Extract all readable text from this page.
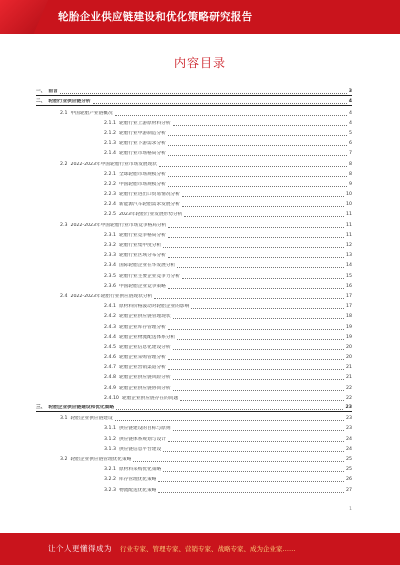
轮胎企业供应链建设和优化策略研究报告
内容目录
一、 前言	3
二、 轮胎行业供应链分析	4
2.1 中国轮胎产业链概况	4
2.1.1 轮胎行业上游原材料分析	4
2.1.2 轮胎行业中游制造分析	5
2.1.3 轮胎行业下游需求分析	6
2.1.4 轮胎行业市场格局分析	7
2.2 2022-2023年中国轮胎行业市场发展现状	8
2.2.1 全球轮胎市场规模分析	8
2.2.2 中国轮胎市场规模分析	9
2.2.3 轮胎行业进出口贸易情况分析	10
2.2.4 新能源汽车轮胎需求发展分析	10
2.2.5 2023年轮胎行业发展形势分析	11
2.3 2022-2023年中国轮胎行业市场竞争格局分析	11
2.3.1 轮胎行业竞争格局分析	11
2.3.2 轮胎行业集中度分析	12
2.3.3 轮胎行业区域分布分析	13
2.3.4 国际轮胎企业在华发展分析	14
2.3.5 轮胎行业主要企业竞争力分析	15
2.3.6 中国轮胎企业竞争策略	16
2.4 2022-2023年轮胎行业供应链现状分析	17
2.4.1 原材料价格波动对轮胎企业的影响	17
2.4.2 轮胎企业供应链管理现状	18
2.4.3 轮胎企业库存管理分析	19
2.4.4 轮胎企业物流配送体系分析	19
2.4.5 轮胎企业信息化建设分析	20
2.4.6 轮胎企业采购管理分析	20
2.4.7 轮胎企业营销渠道分析	21
2.4.8 轮胎企业供应链风险分析	21
2.4.9 轮胎企业供应链协同分析	22
2.4.10 轮胎企业供应链存在的问题	22
三、 轮胎企业供应链建设和优化策略	23
3.1 轮胎企业供应链建设	23
3.1.1 供应链建设的目标与原则	23
3.1.2 供应链体系规划与设计	24
3.1.3 供应链信息平台建设	24
3.2 轮胎企业供应链管理优化策略	25
3.2.1 原材料采购优化策略	25
3.2.2 库存管理优化策略	26
3.2.3 物流配送优化策略	27
1
让个人更懂得成为 行业专家、管理专家、营销专家、战略专家、成为企业家……
